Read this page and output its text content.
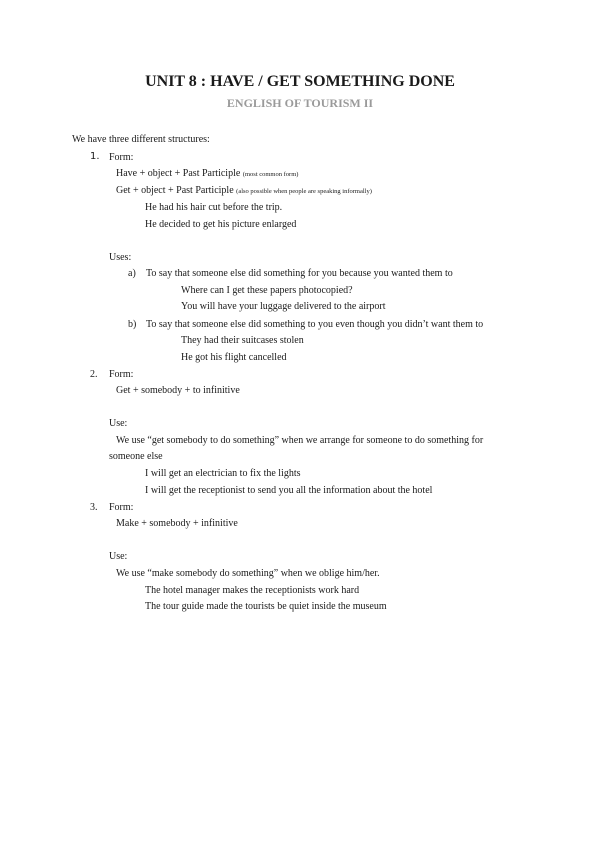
UNIT 8 : HAVE / GET SOMETHING DONE
ENGLISH OF TOURISM II
We have three different structures:
1. Form:
Have + object + Past Participle (most common form)
Get + object + Past Participle (also possible when people are speaking informally)
He had his hair cut before the trip.
He decided to get his picture enlarged
Uses:
a) To say that someone else did something for you because you wanted them to
Where can I get these papers photocopied?
You will have your luggage delivered to the airport
b) To say that someone else did something to you even though you didn’t want them to
They had their suitcases stolen
He got his flight cancelled
2. Form:
Get + somebody + to infinitive
Use:
We use “get somebody to do something” when we arrange for someone to do something for
someone else
I will get an electrician to fix the lights
I will get the receptionist to send you all the information about the hotel
3. Form:
Make + somebody + infinitive
Use:
We use “make somebody do something” when we oblige him/her.
The hotel manager makes the receptionists work hard
The tour guide made the tourists be quiet inside the museum
